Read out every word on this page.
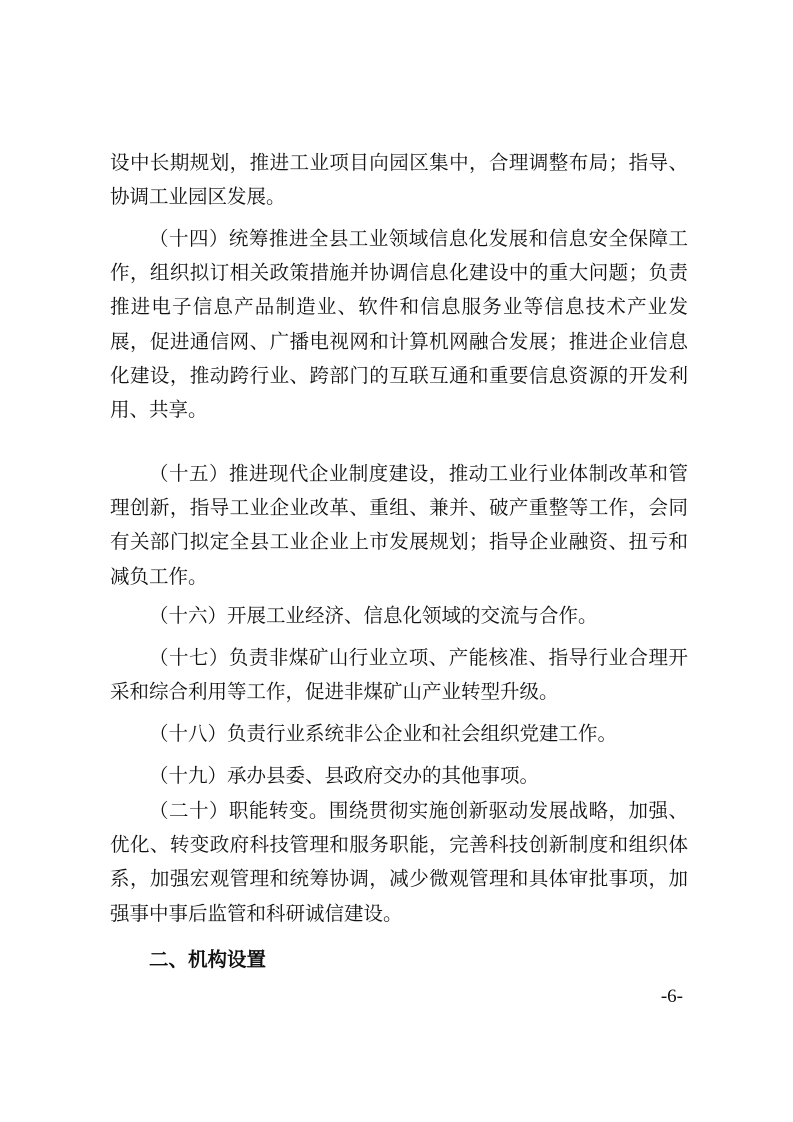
设中长期规划，推进工业项目向园区集中，合理调整布局；指导、协调工业园区发展。

（十四）统筹推进全县工业领域信息化发展和信息安全保障工作，组织拟订相关政策措施并协调信息化建设中的重大问题；负责推进电子信息产品制造业、软件和信息服务业等信息技术产业发展，促进通信网、广播电视网和计算机网融合发展；推进企业信息化建设，推动跨行业、跨部门的互联互通和重要信息资源的开发利用、共享。

（十五）推进现代企业制度建设，推动工业行业体制改革和管理创新，指导工业企业改革、重组、兼并、破产重整等工作，会同有关部门拟定全县工业企业上市发展规划；指导企业融资、扭亏和减负工作。

（十六）开展工业经济、信息化领域的交流与合作。

（十七）负责非煤矿山行业立项、产能核准、指导行业合理开采和综合利用等工作，促进非煤矿山产业转型升级。

（十八）负责行业系统非公企业和社会组织党建工作。

（十九）承办县委、县政府交办的其他事项。

（二十）职能转变。围绕贯彻实施创新驱动发展战略，加强、优化、转变政府科技管理和服务职能，完善科技创新制度和组织体系，加强宏观管理和统筹协调，减少微观管理和具体审批事项，加强事中事后监管和科研诚信建设。

二、机构设置
-6-
